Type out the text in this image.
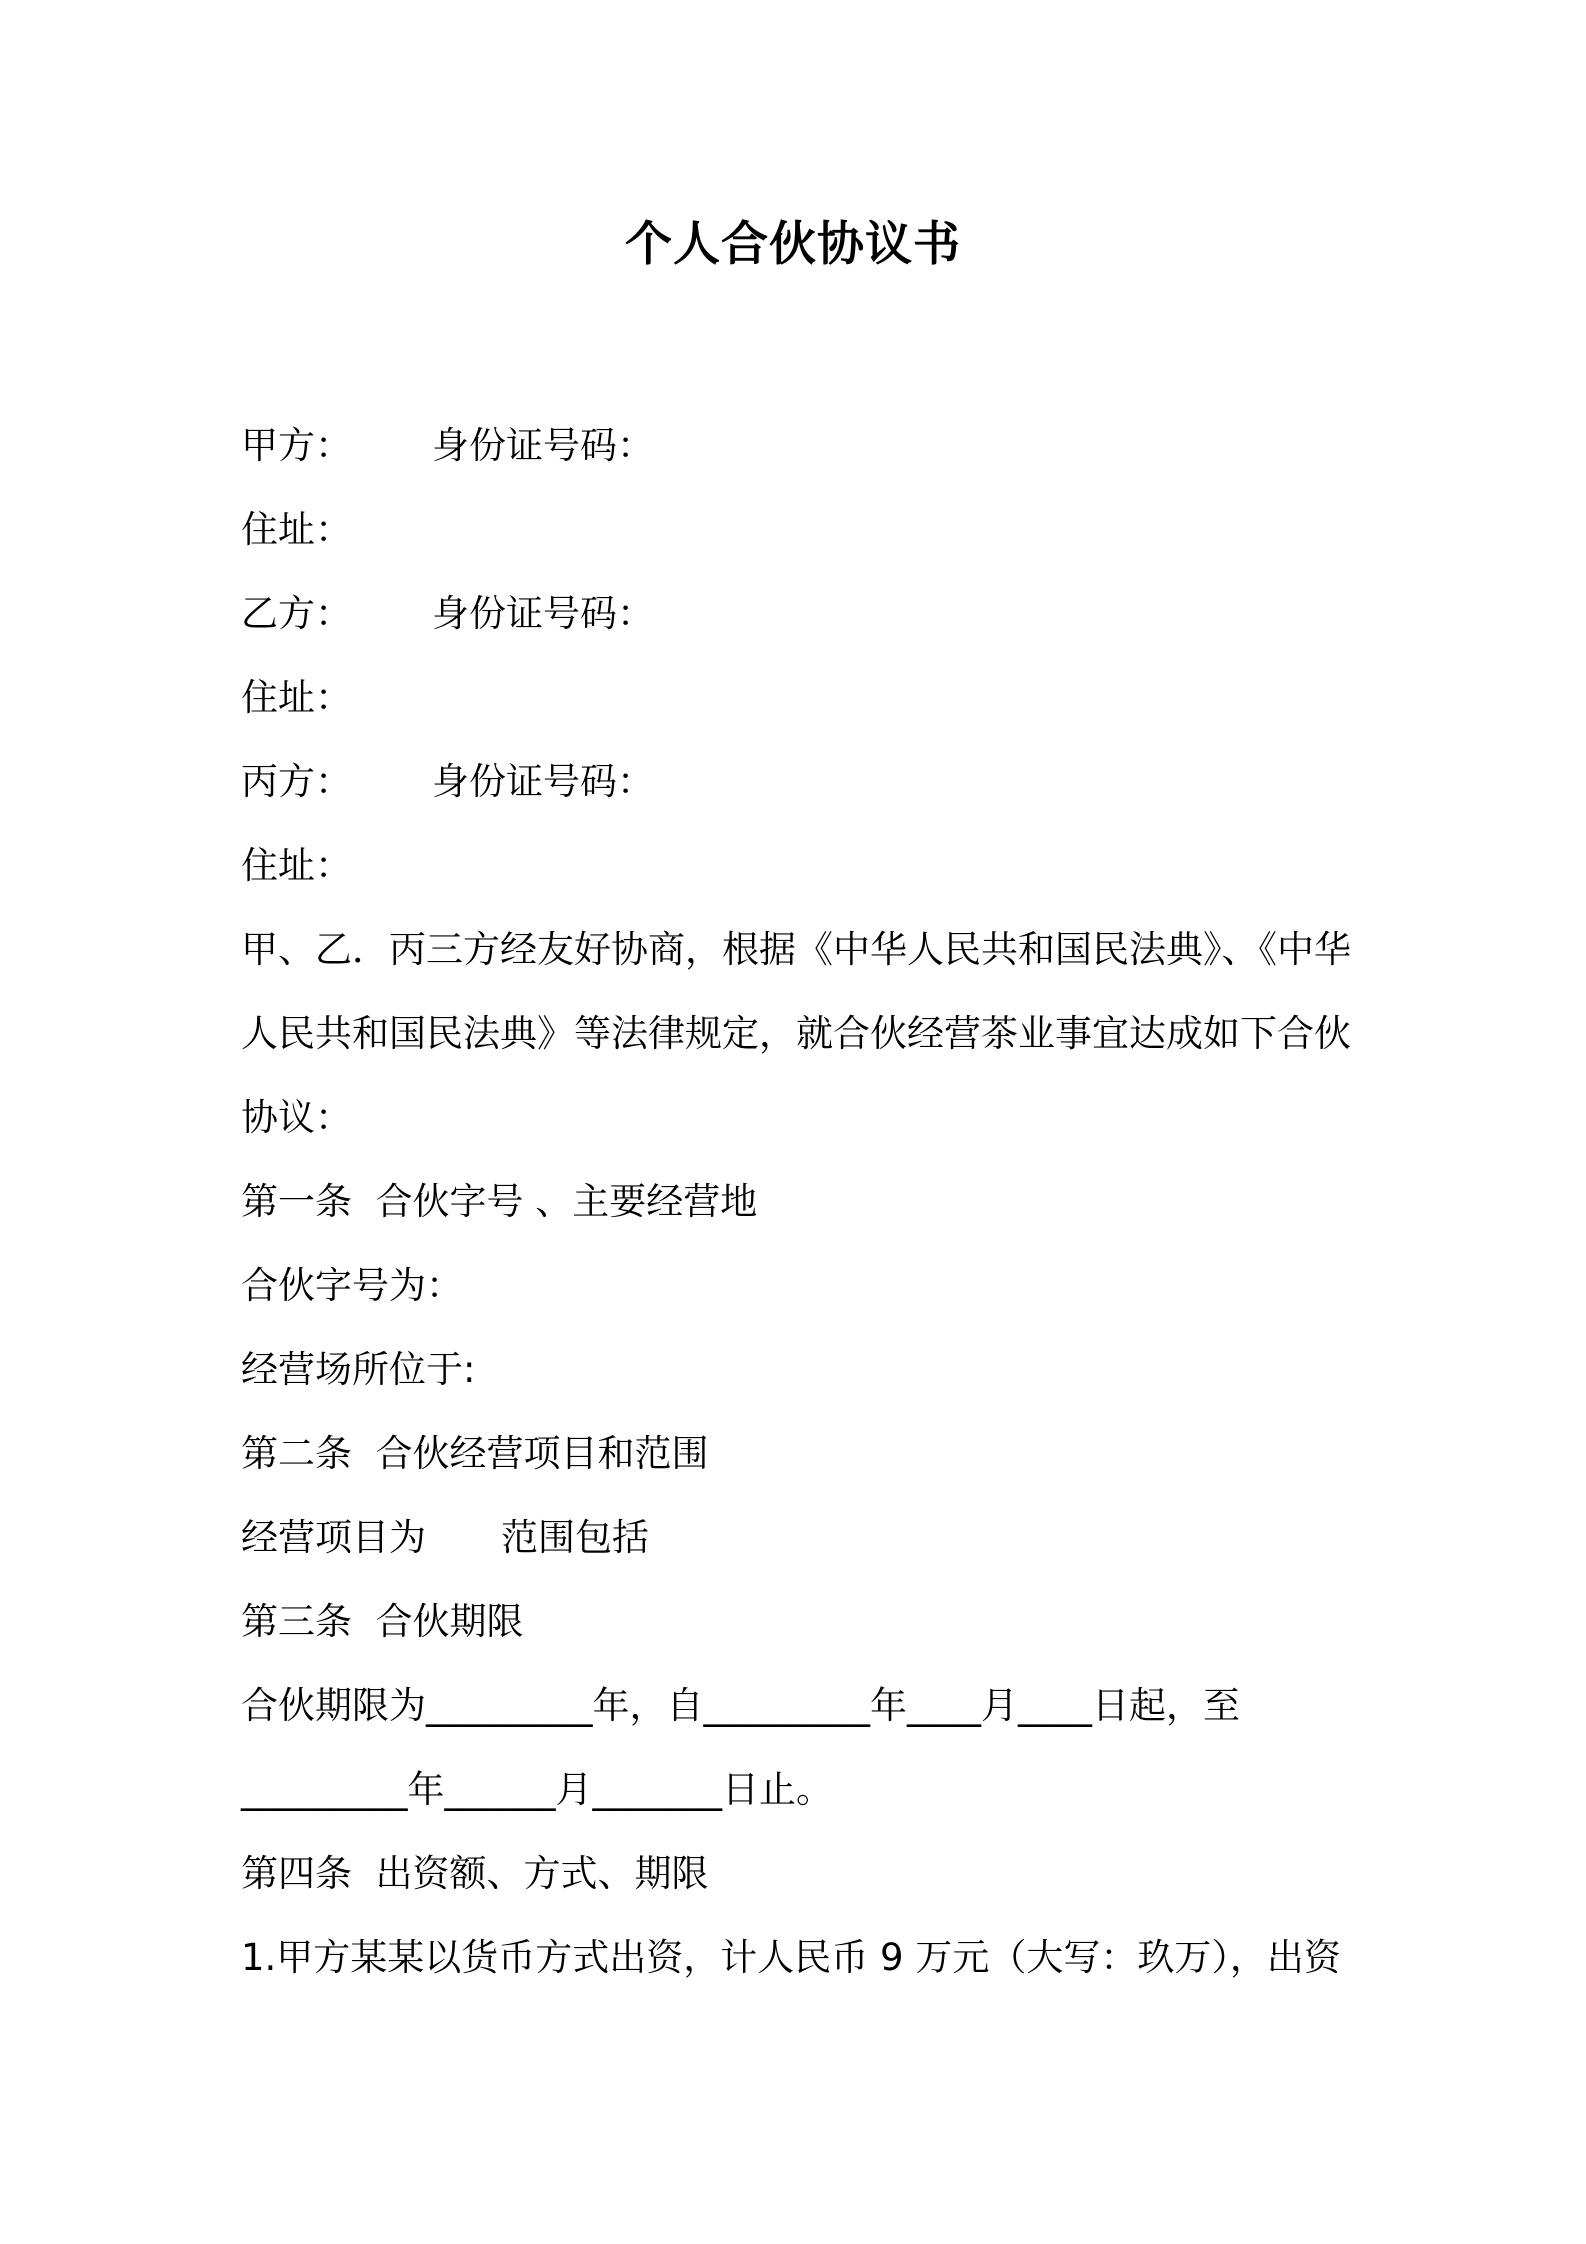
个人合伙协议书
甲方： 身份证号码：
住址：
乙方： 身份证号码：
住址：
丙方： 身份证号码：
住址：
甲、乙．丙三方经友好协商，根据《中华人民共和国民法典》、《中华人民共和国民法典》等法律规定，就合伙经营茶业事宜达成如下合伙协议：
第一条  合伙字号 、主要经营地
合伙字号为：
经营场所位于:
第二条  合伙经营项目和范围
经营项目为 范围包括
第三条  合伙期限
合伙期限为_________年，自_________年____月____日起，至
_________年______月_______日止。
第四条  出资额、方式、期限
1.甲方某某以货币方式出资，计人民币 9 万元（大写：玖万），出资
